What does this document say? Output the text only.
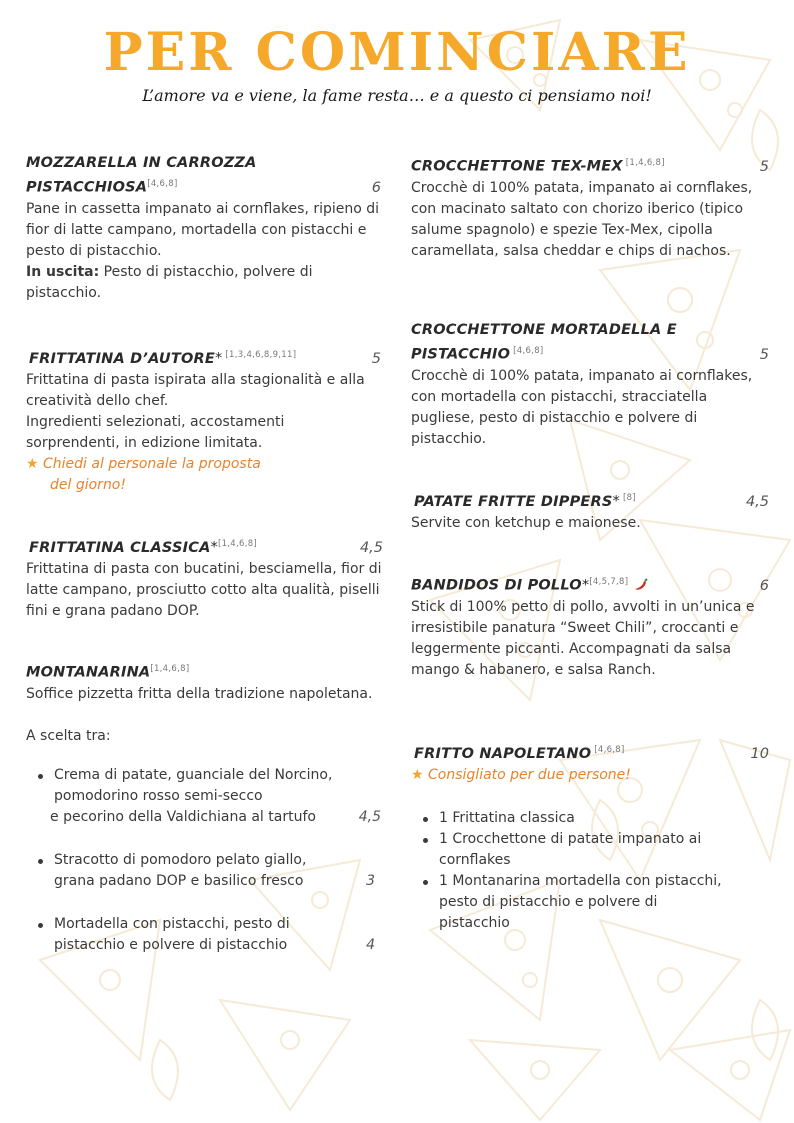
PER COMINCIARE
L’amore va e viene, la fame resta… e a questo ci pensiamo noi!
MOZZARELLA IN CARROZZA
PISTACCHIOSA[4,6,8]	6

Pane in cassetta impanato ai cornflakes, ripieno di fior di latte campano, mortadella con pistacchi e pesto di pistacchio.

In uscita: Pesto di pistacchio, polvere di pistacchio.

FRITTATINA D’AUTORE* [1,3,4,6,8,9,11]	5

Frittatina di pasta ispirata alla stagionalità e alla creatività dello chef.

Ingredienti selezionati, accostamenti sorprendenti, in edizione limitata.

★ Chiedi al personale la proposta

del giorno!

FRITTATINA CLASSICA*[1,4,6,8]	4,5

Frittatina di pasta con bucatini, besciamella, fior di latte campano, prosciutto cotto alta qualità, piselli fini e grana padano DOP.

MONTANARINA[1,4,6,8]

Soffice pizzetta fritta della tradizione napoletana.

A scelta tra:

Crema di patate, guanciale del Norcino,
pomodorino rosso semi-secco
e pecorino della Valdichiana al tartufo	4,5
Stracotto di pomodoro pelato giallo,
grana padano DOP e basilico fresco	3
Mortadella con pistacchi, pesto di
pistacchio e polvere di pistacchio	4
CROCCHETTONE TEX-MEX [1,4,6,8]	5

Crocchè di 100% patata, impanato ai cornflakes, con macinato saltato con chorizo iberico (tipico salume spagnolo) e spezie Tex-Mex, cipolla caramellata, salsa cheddar e chips di nachos.

CROCCHETTONE MORTADELLA E
PISTACCHIO [4,6,8]	5

Crocchè di 100% patata, impanato ai cornflakes, con mortadella con pistacchi, stracciatella pugliese, pesto di pistacchio e polvere di pistacchio.

PATATE FRITTE DIPPERS* [8]	4,5

Servite con ketchup e maionese.

BANDIDOS DI POLLO*[4,5,7,8]	6

Stick di 100% petto di pollo, avvolti in un’unica e irresistibile panatura “Sweet Chili”, croccanti e leggermente piccanti. Accompagnati da salsa mango & habanero, e salsa Ranch.

FRITTO NAPOLETANO [4,6,8]	10

★ Consigliato per due persone!

1 Frittatina classica
1 Crocchettone di patate impanato ai
cornflakes
1 Montanarina mortadella con pistacchi,
pesto di pistacchio e polvere di
pistacchio
